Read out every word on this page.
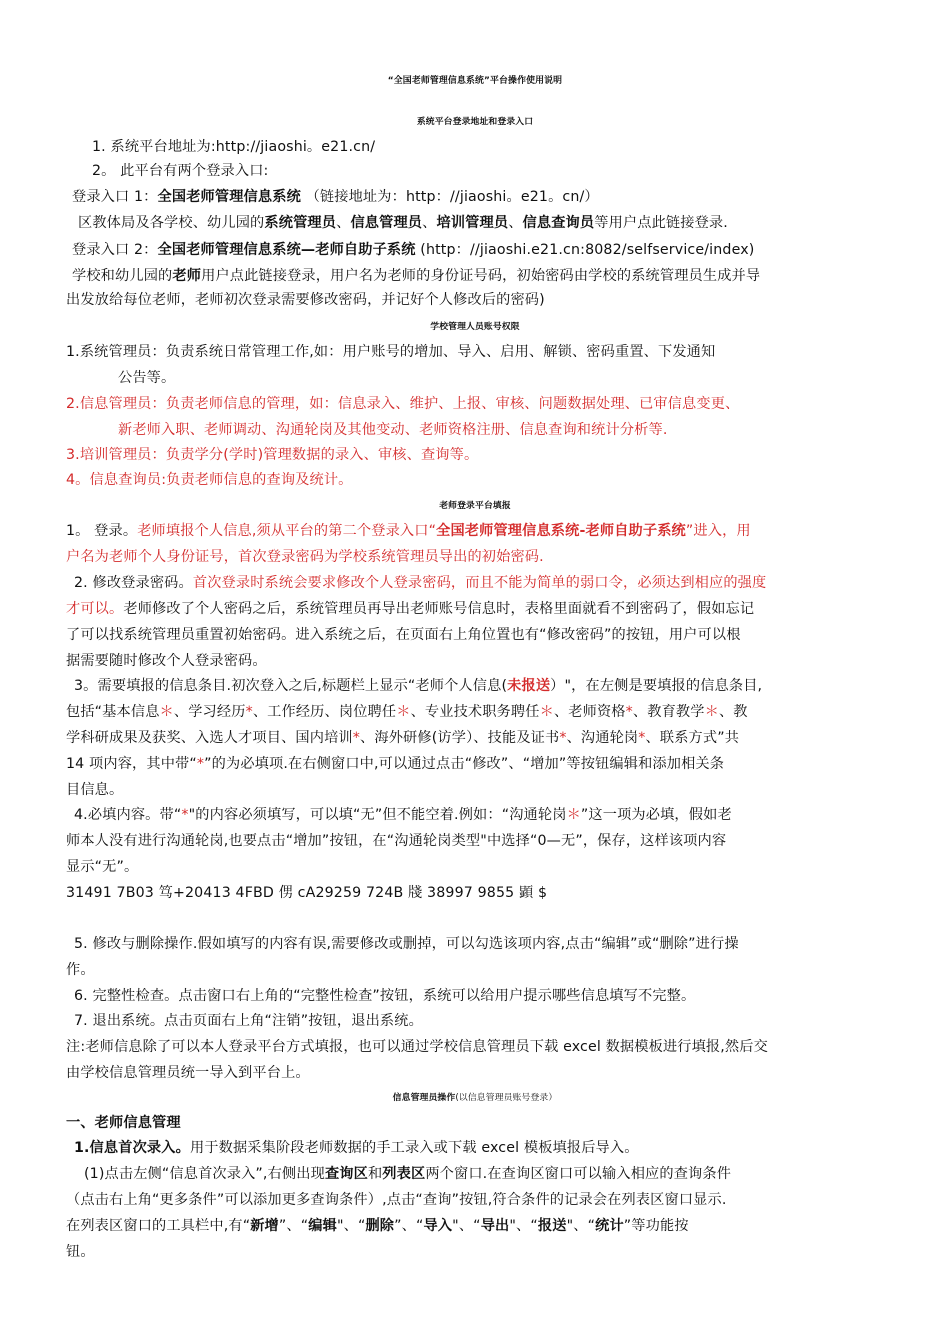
“全国老师管理信息系统”平台操作使用说明
系统平台登录地址和登录入口
1. 系统平台地址为:http://jiaoshi。e21.cn/
2。 此平台有两个登录入口:
登录入口 1：全国老师管理信息系统 （链接地址为：http：//jiaoshi。e21。cn/）
区教体局及各学校、幼儿园的系统管理员、信息管理员、培训管理员、信息查询员等用户点此链接登录.
登录入口 2：全国老师管理信息系统—老师自助子系统 (http：//jiaoshi.e21.cn:8082/selfservice/index)
学校和幼儿园的老师用户点此链接登录，用户名为老师的身份证号码，初始密码由学校的系统管理员生成并导
出发放给每位老师，老师初次登录需要修改密码，并记好个人修改后的密码)
学校管理人员账号权限
1.系统管理员：负责系统日常管理工作,如：用户账号的增加、导入、启用、解锁、密码重置、下发通知
公告等。
2.信息管理员：负责老师信息的管理，如：信息录入、维护、上报、审核、问题数据处理、已审信息变更、
新老师入职、老师调动、沟通轮岗及其他变动、老师资格注册、信息查询和统计分析等.
3.培训管理员：负责学分(学时)管理数据的录入、审核、查询等。
4。信息查询员:负责老师信息的查询及统计。
老师登录平台填报
1。 登录。老师填报个人信息,须从平台的第二个登录入口“全国老师管理信息系统-老师自助子系统”进入，用
户名为老师个人身份证号，首次登录密码为学校系统管理员导出的初始密码.
2. 修改登录密码。首次登录时系统会要求修改个人登录密码，而且不能为简单的弱口令，必须达到相应的强度
才可以。老师修改了个人密码之后，系统管理员再导出老师账号信息时，表格里面就看不到密码了，假如忘记
了可以找系统管理员重置初始密码。进入系统之后，在页面右上角位置也有“修改密码”的按钮，用户可以根
据需要随时修改个人登录密码。
3。需要填报的信息条目.初次登入之后,标题栏上显示“老师个人信息(未报送）"，在左侧是要填报的信息条目,
包括“基本信息＊、学习经历*、工作经历、岗位聘任＊、专业技术职务聘任＊、老师资格*、教育教学＊、教
学科研成果及获奖、入选人才项目、国内培训*、海外研修(访学）、技能及证书*、沟通轮岗*、联系方式”共
14 项内容，其中带“*”的为必填项.在右侧窗口中,可以通过点击“修改”、“增加”等按钮编辑和添加相关条
目信息。
4.必填内容。带“*"的内容必须填写，可以填“无”但不能空着.例如：“沟通轮岗＊”这一项为必填，假如老
师本人没有进行沟通轮岗,也要点击“增加”按钮，在“沟通轮岗类型"中选择“0—无”，保存，这样该项内容
显示“无”。
31491 7B03 笃+20413 4FBD 侽 cA29259 724B 牋 38997 9855 顕 $
5. 修改与删除操作.假如填写的内容有误,需要修改或删掉，可以勾选该项内容,点击“编辑”或“删除”进行操
作。
6. 完整性检查。点击窗口右上角的“完整性检查”按钮，系统可以给用户提示哪些信息填写不完整。
7. 退出系统。点击页面右上角“注销”按钮，退出系统。
注:老师信息除了可以本人登录平台方式填报，也可以通过学校信息管理员下载 excel 数据模板进行填报,然后交
由学校信息管理员统一导入到平台上。
信息管理员操作(以信息管理员账号登录）
一、老师信息管理
1.信息首次录入。用于数据采集阶段老师数据的手工录入或下载 excel 模板填报后导入。
(1)点击左侧“信息首次录入”,右侧出现查询区和列表区两个窗口.在查询区窗口可以输入相应的查询条件
（点击右上角“更多条件”可以添加更多查询条件）,点击“查询”按钮,符合条件的记录会在列表区窗口显示.
在列表区窗口的工具栏中,有“新增”、“编辑"、“删除”、“导入"、“导出"、“报送"、“统计”等功能按
钮。
